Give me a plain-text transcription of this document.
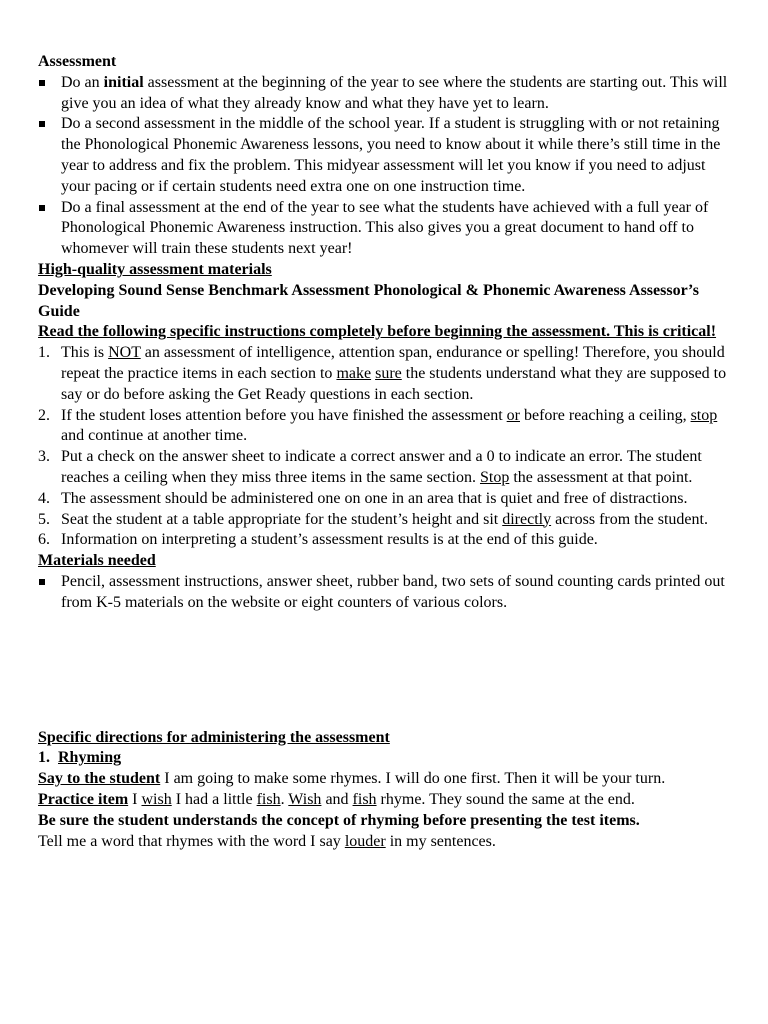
Assessment
Do an initial assessment at the beginning of the year to see where the students are starting out. This will give you an idea of what they already know and what they have yet to learn.
Do a second assessment in the middle of the school year. If a student is struggling with or not retaining the Phonological Phonemic Awareness lessons, you need to know about it while there’s still time in the year to address and fix the problem. This midyear assessment will let you know if you need to adjust your pacing or if certain students need extra one on one instruction time.
Do a final assessment at the end of the year to see what the students have achieved with a full year of Phonological Phonemic Awareness instruction. This also gives you a great document to hand off to whomever will train these students next year!
High-quality assessment materials
Developing Sound Sense Benchmark Assessment Phonological & Phonemic Awareness Assessor’s Guide
Read the following specific instructions completely before beginning the assessment. This is critical!
1. This is NOT an assessment of intelligence, attention span, endurance or spelling! Therefore, you should repeat the practice items in each section to make sure the students understand what they are supposed to say or do before asking the Get Ready questions in each section.
2. If the student loses attention before you have finished the assessment or before reaching a ceiling, stop and continue at another time.
3. Put a check on the answer sheet to indicate a correct answer and a 0 to indicate an error. The student reaches a ceiling when they miss three items in the same section. Stop the assessment at that point.
4. The assessment should be administered one on one in an area that is quiet and free of distractions.
5. Seat the student at a table appropriate for the student’s height and sit directly across from the student.
6. Information on interpreting a student’s assessment results is at the end of this guide.
Materials needed
Pencil, assessment instructions, answer sheet, rubber band, two sets of sound counting cards printed out from K-5 materials on the website or eight counters of various colors.
Specific directions for administering the assessment
1. Rhyming
Say to the student I am going to make some rhymes. I will do one first. Then it will be your turn.
Practice item I wish I had a little fish. Wish and fish rhyme. They sound the same at the end.
Be sure the student understands the concept of rhyming before presenting the test items.
Tell me a word that rhymes with the word I say louder in my sentences.
